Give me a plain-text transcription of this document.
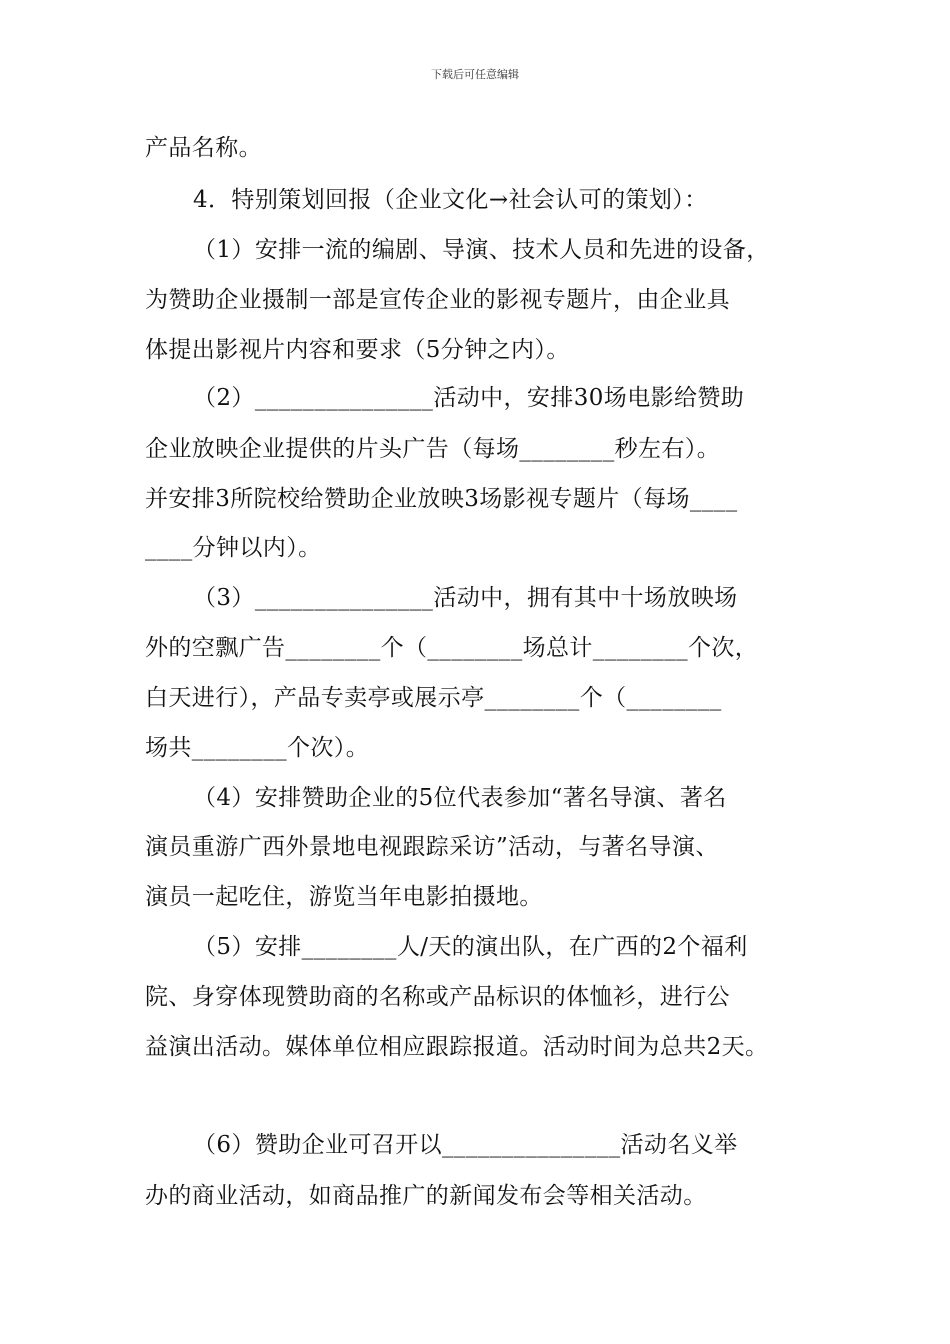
下载后可任意编辑
产品名称。
4．特别策划回报（企业文化→社会认可的策划）：
（1）安排一流的编剧、导演、技术人员和先进的设备，
为赞助企业摄制一部是宣传企业的影视专题片，由企业具
体提出影视片内容和要求（5分钟之内）。
（2）_______________活动中，安排30场电影给赞助
企业放映企业提供的片头广告（每场________秒左右）。
并安排3所院校给赞助企业放映3场影视专题片（每场____
____分钟以内）。
（3）_______________活动中，拥有其中十场放映场
外的空飘广告________个（________场总计________个次，
白天进行），产品专卖亭或展示亭________个（________
场共________个次）。
（4）安排赞助企业的5位代表参加“著名导演、著名
演员重游广西外景地电视跟踪采访”活动，与著名导演、
演员一起吃住，游览当年电影拍摄地。
（5）安排________人/天的演出队，在广西的2个福利
院、身穿体现赞助商的名称或产品标识的体恤衫，进行公
益演出活动。媒体单位相应跟踪报道。活动时间为总共2天。
（6）赞助企业可召开以_______________活动名义举
办的商业活动，如商品推广的新闻发布会等相关活动。
